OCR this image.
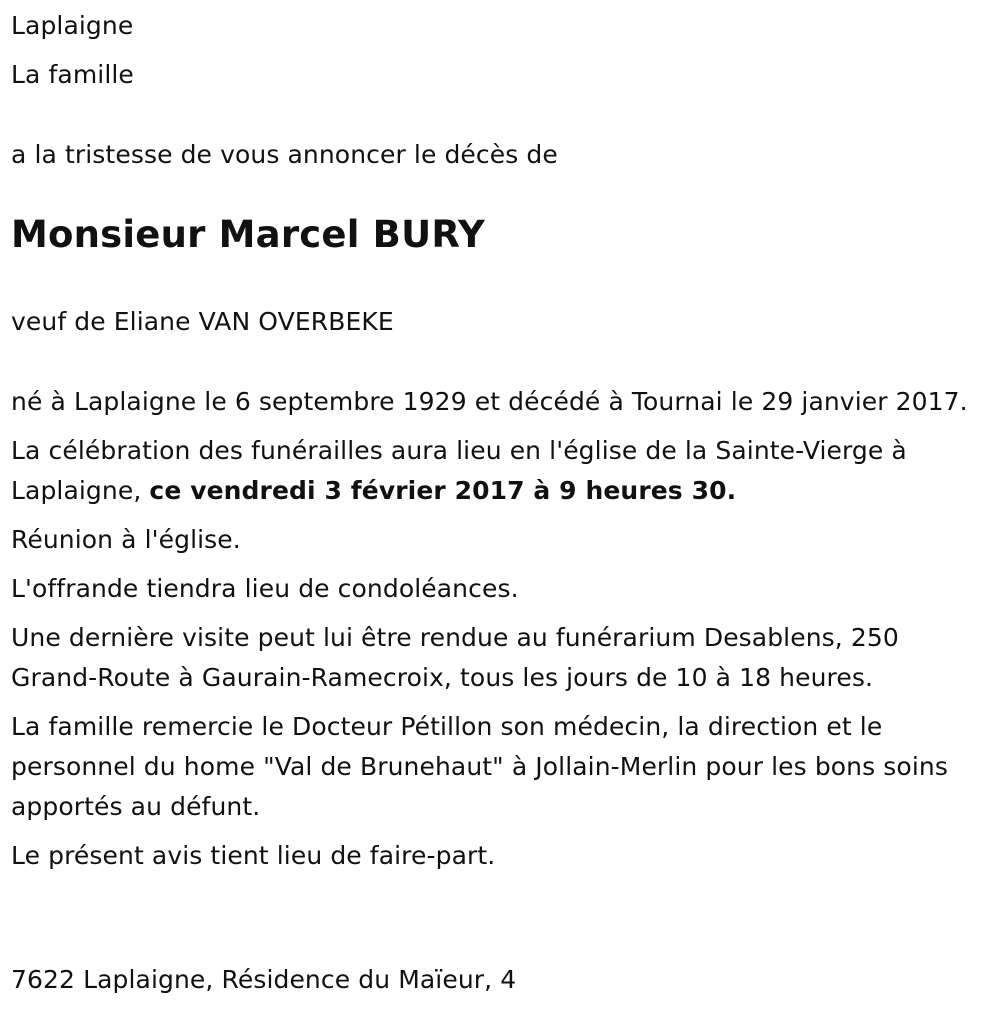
Laplaigne

La famille

a la tristesse de vous annoncer le décès de

Monsieur Marcel BURY

veuf de Eliane VAN OVERBEKE

né à Laplaigne le 6 septembre 1929 et décédé à Tournai le 29 janvier 2017.

La célébration des funérailles aura lieu en l'église de la Sainte-Vierge à Laplaigne, ce vendredi 3 février 2017 à 9 heures 30.

Réunion à l'église.

L'offrande tiendra lieu de condoléances.

Une dernière visite peut lui être rendue au funérarium Desablens, 250 Grand-Route à Gaurain-Ramecroix, tous les jours de 10 à 18 heures.

La famille remercie le Docteur Pétillon son médecin, la direction et le personnel du home "Val de Brunehaut" à Jollain-Merlin pour les bons soins apportés au défunt.

Le présent avis tient lieu de faire-part.

7622 Laplaigne, Résidence du Maïeur, 4
